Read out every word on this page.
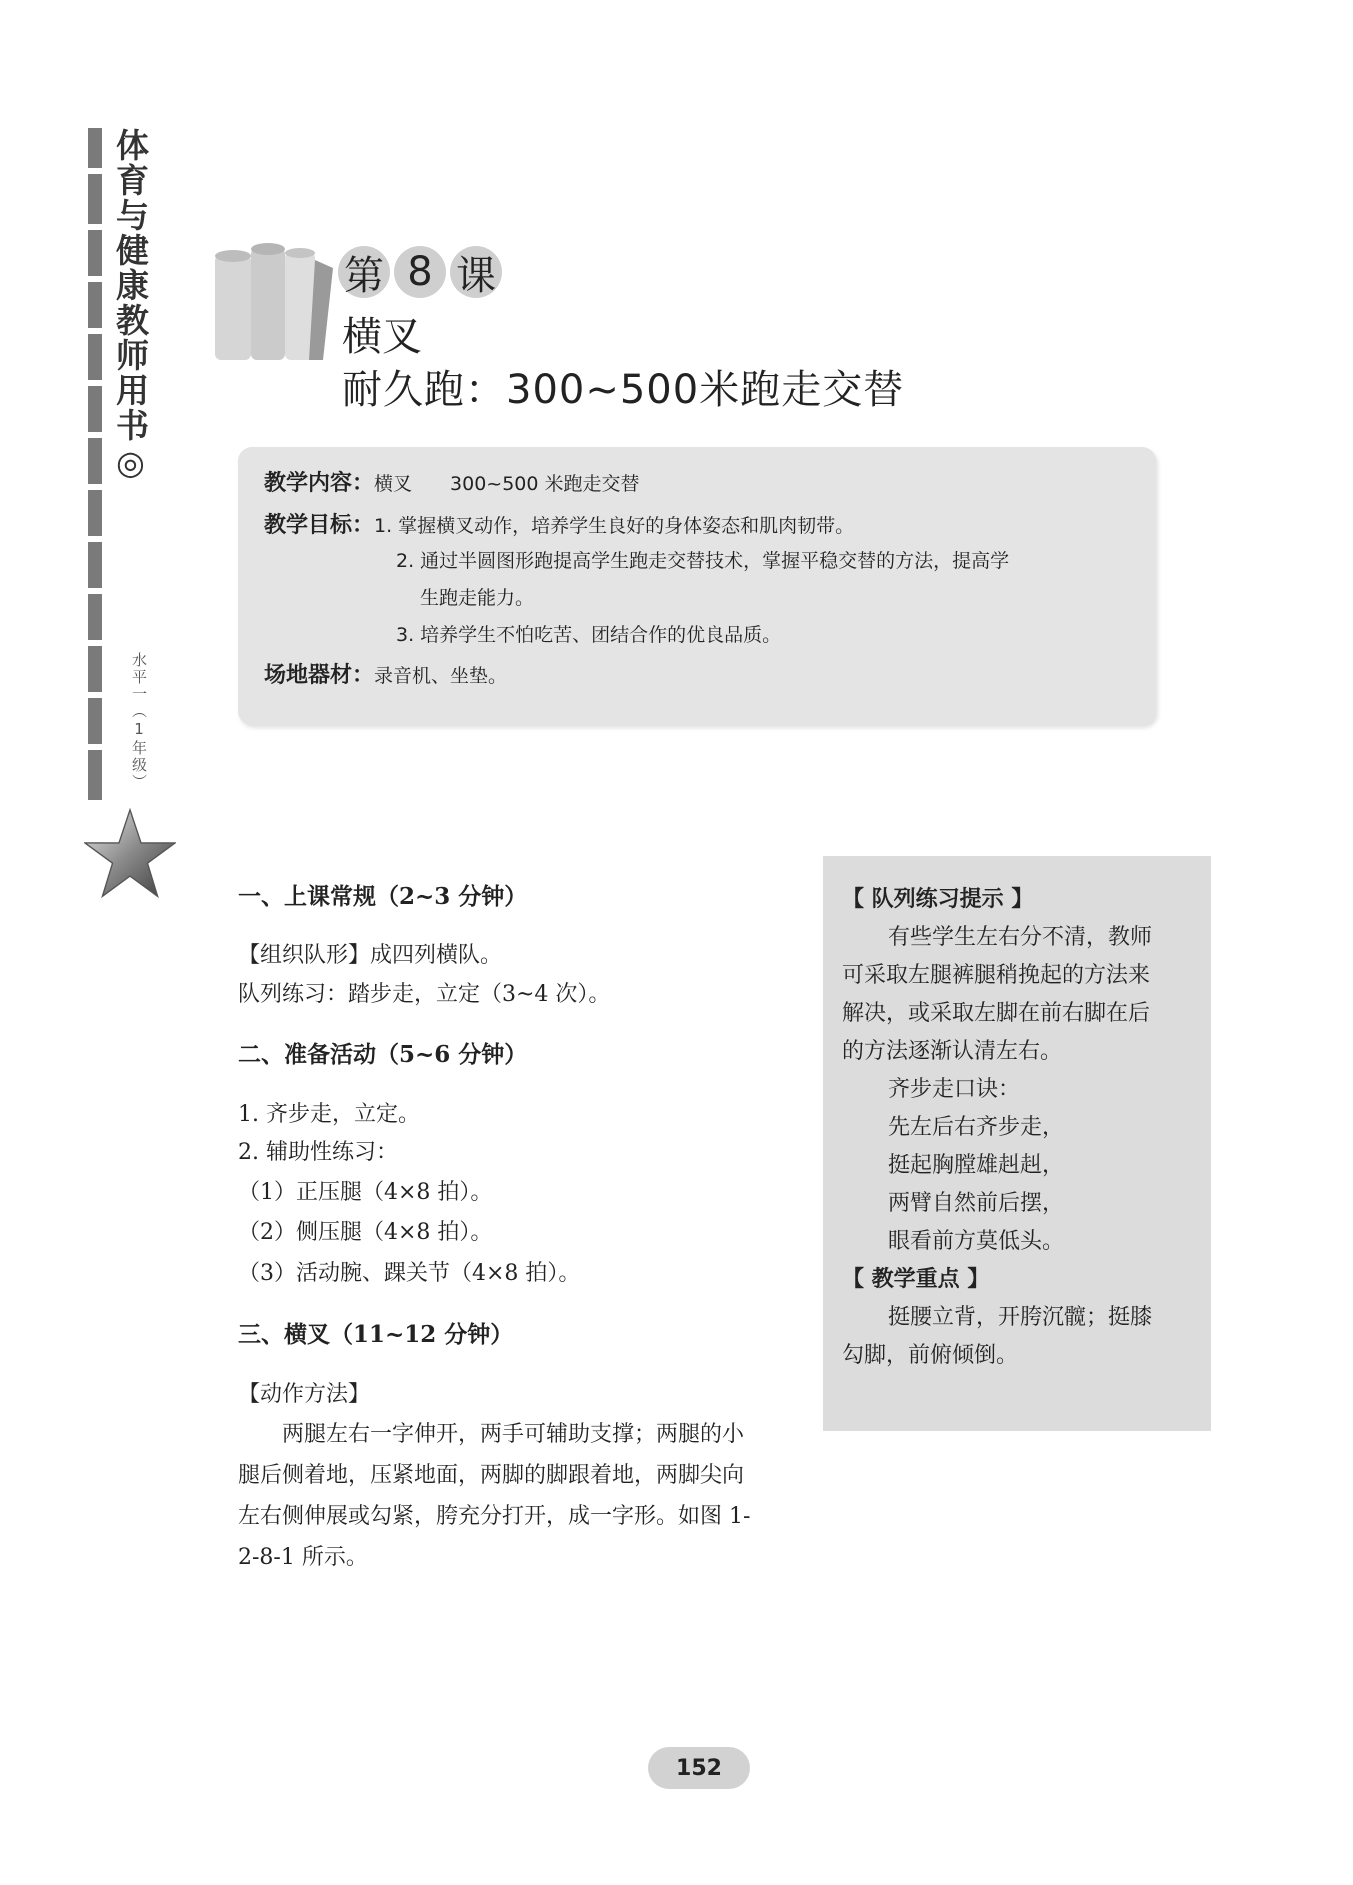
体育与健康教师用书◎
水平一（1年级）
第 8 课
横叉
耐久跑：300~500米跑走交替
教学内容：横叉　　300~500 米跑走交替
教学目标：1. 掌握横叉动作，培养学生良好的身体姿态和肌肉韧带。
2. 通过半圆图形跑提高学生跑走交替技术，掌握平稳交替的方法，提高学
生跑走能力。
3. 培养学生不怕吃苦、团结合作的优良品质。
场地器材：录音机、坐垫。
一、上课常规（2~3 分钟）
【组织队形】成四列横队。
队列练习：踏步走，立定（3~4 次）。
二、准备活动（5~6 分钟）
1. 齐步走，立定。
2. 辅助性练习：
（1）正压腿（4×8 拍）。
（2）侧压腿（4×8 拍）。
（3）活动腕、踝关节（4×8 拍）。
三、横叉（11~12 分钟）
【动作方法】
两腿左右一字伸开，两手可辅助支撑；两腿的小
腿后侧着地，压紧地面，两脚的脚跟着地，两脚尖向
左右侧伸展或勾紧，胯充分打开，成一字形。如图 1-
2-8-1 所示。
【 队列练习提示 】
有些学生左右分不清，教师
可采取左腿裤腿稍挽起的方法来
解决，或采取左脚在前右脚在后
的方法逐渐认清左右。
齐步走口诀：
先左后右齐步走，
挺起胸膛雄赳赳，
两臂自然前后摆，
眼看前方莫低头。
【 教学重点 】
挺腰立背，开胯沉髋；挺膝
勾脚，前俯倾倒。
152
